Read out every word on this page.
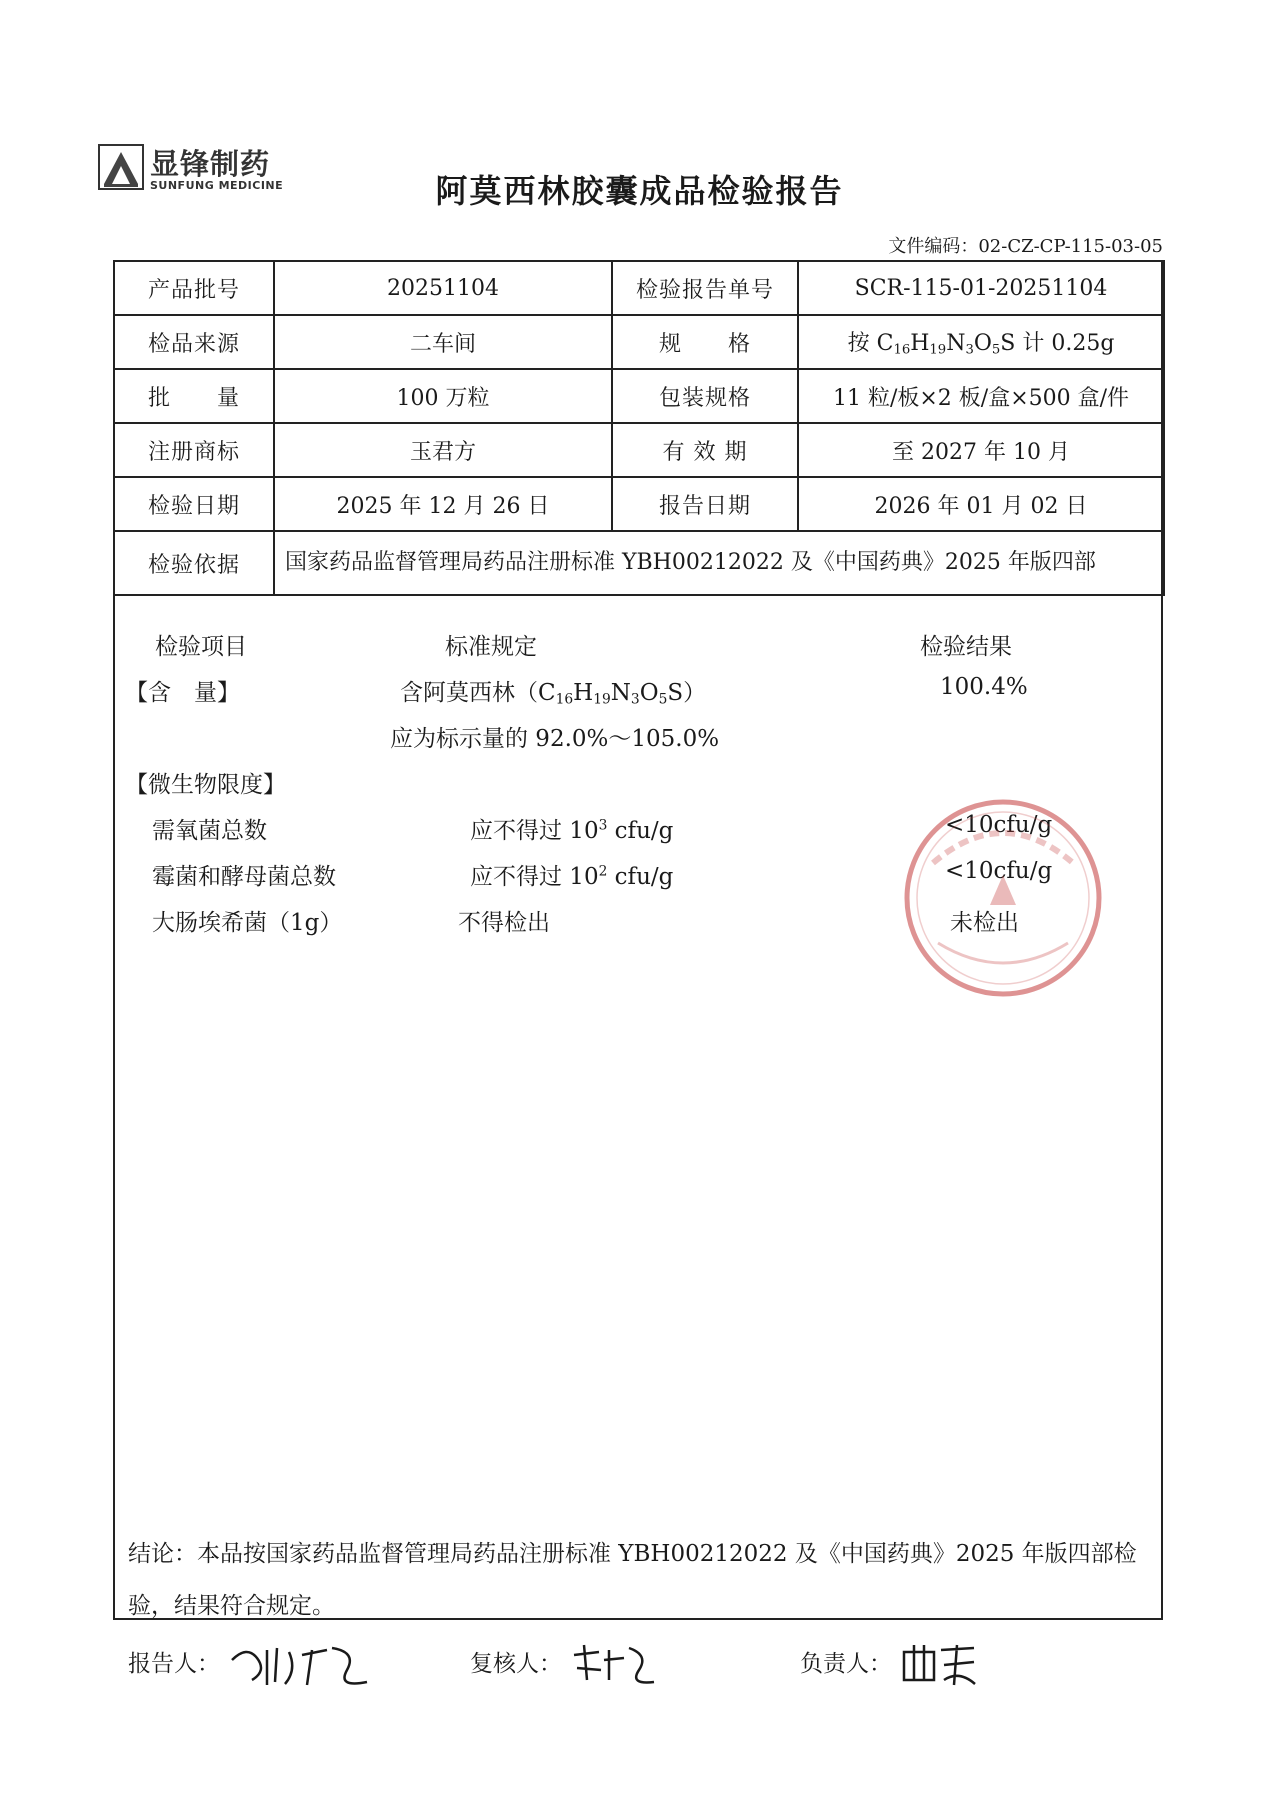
显锋制药
SUNFUNG MEDICINE	阿莫西林胶囊成品检验报告
文件编码：02-CZ-CP-115-03-05
产品批号	20251104	检验报告单号	SCR-115-01-20251104
检品来源	二车间	规　　格	按 $C_{16}H_{19}N_3O_5S$ 计 0.25g
批　　量	100 万粒	包装规格	11 粒/板×2 板/盒×500 盒/件
注册商标	玉君方	有 效 期	至 2027 年 10 月
检验日期	2025 年 12 月 26 日	报告日期	2026 年 01 月 02 日
检验依据	国家药品监督管理局药品注册标准 YBH00212022 及《中国药典》2025 年版四部		
检验项目	标准规定	检验结果
【含　量】	含阿莫西林$(C_{16}H_{19}N_3O_5S)$	100.4%
应为标示量的 92.0%～105.0%
【微生物限度】
需氧菌总数	应不得过 $10^3$ cfu/g	<10cfu/g
霉菌和酵母菌总数	应不得过 $10^2$ cfu/g	<10cfu/g
大肠埃希菌（1g）	不得检出	未检出
结论：本品按国家药品监督管理局药品注册标准 YBH00212022 及《中国药典》2025 年版四部检验，结果符合规定。
报告人：	复核人：	负责人：
